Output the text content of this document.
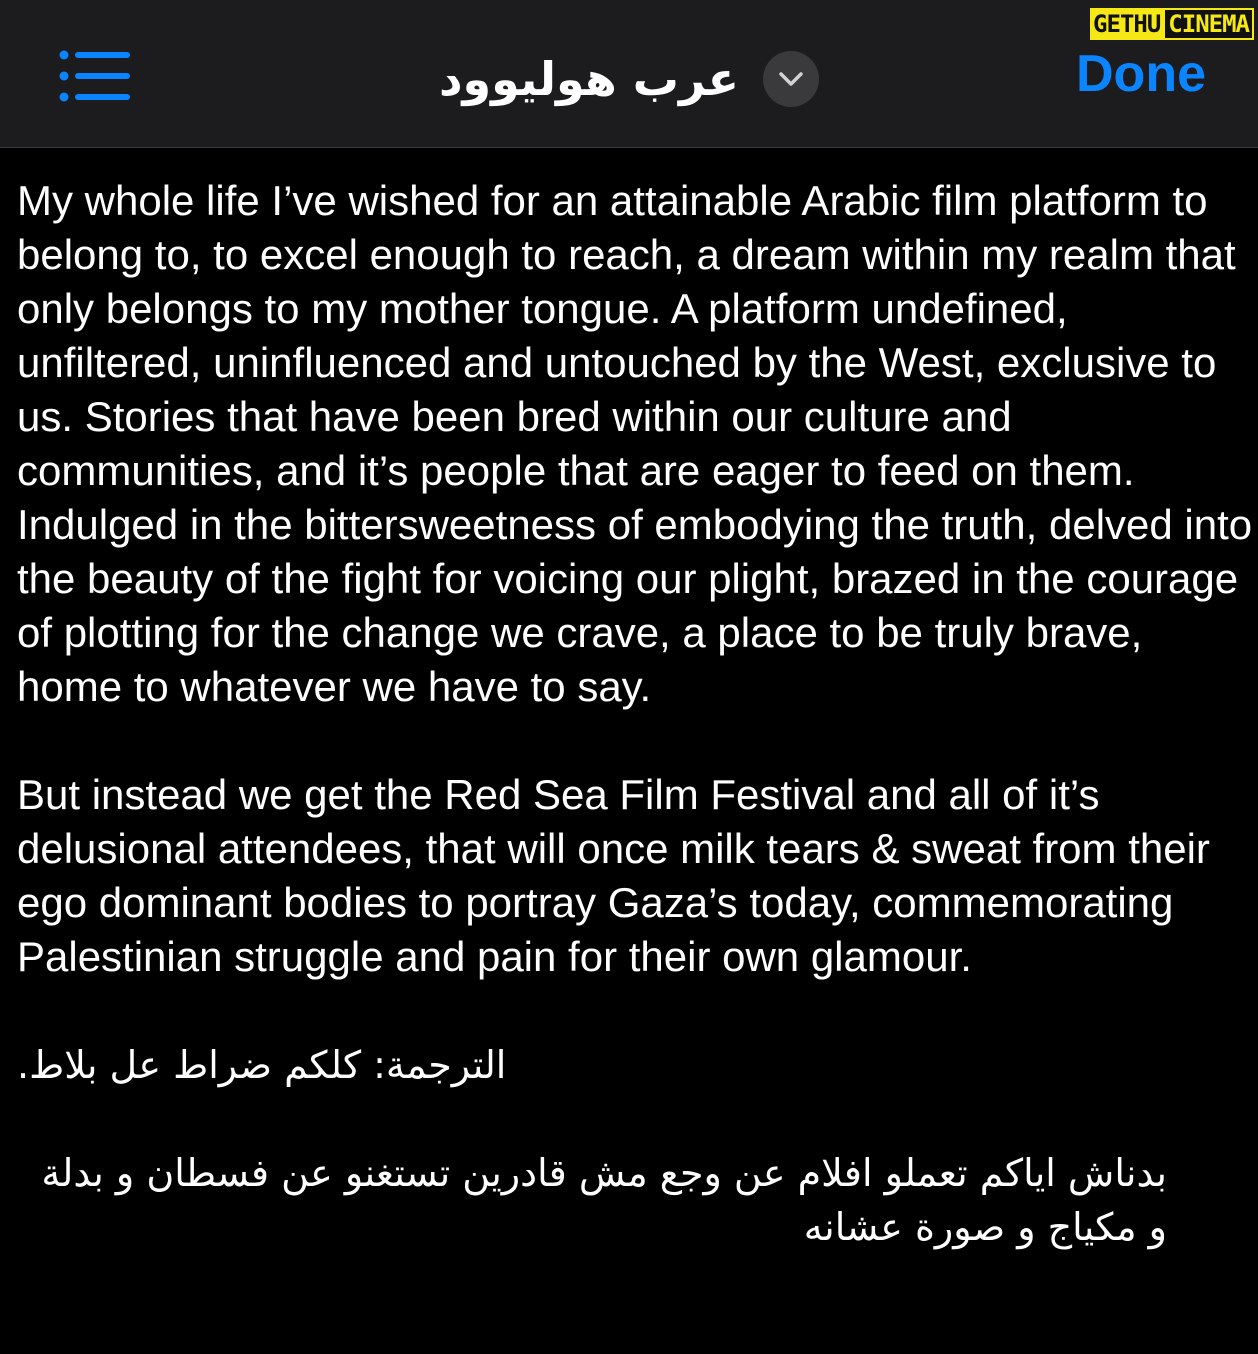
عرب هوليوود	Done
GETHU CINEMA

My whole life I’ve wished for an attainable Arabic film platform to belong to, to excel enough to reach, a dream within my realm that only belongs to my mother tongue. A platform undefined, unfiltered, uninfluenced and untouched by the West, exclusive to us. Stories that have been bred within our culture and communities, and it’s people that are eager to feed on them. Indulged in the bittersweetness of embodying the truth, delved into the beauty of the fight for voicing our plight, brazed in the courage of plotting for the change we crave, a place to be truly brave, home to whatever we have to say.

But instead we get the Red Sea Film Festival and all of it’s delusional attendees, that will once milk tears & sweat from their ego dominant bodies to portray Gaza’s today, commemorating Palestinian struggle and pain for their own glamour.

الترجمة: كلكم ضراط عل بلاط.

بدناش اياكم تعملو افلام عن وجع مش قادرين تستغنو عن فسطان و بدلة و مكياج و صورة عشانه
